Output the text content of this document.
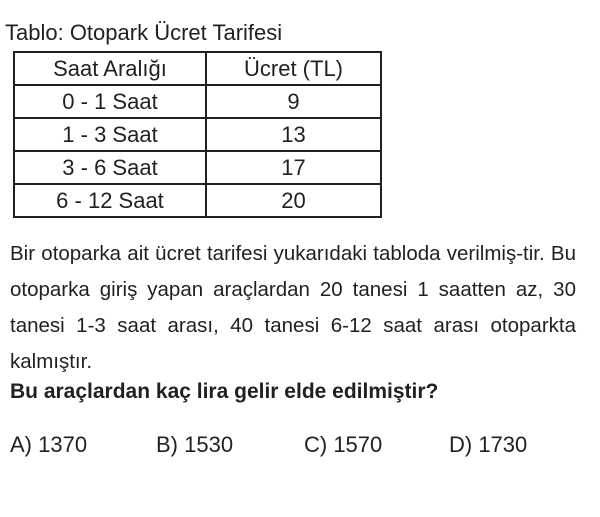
Tablo: Otopark Ücret Tarifesi
Saat Aralığı	Ücret (TL)
0 - 1 Saat	9
1 - 3 Saat	13
3 - 6 Saat	17
6 - 12 Saat	20
Bir otoparka ait ücret tarifesi yukarıdaki tabloda verilmiş-tir. Bu otoparka giriş yapan araçlardan 20 tanesi 1 saatten az, 30 tanesi 1-3 saat arası, 40 tanesi 6-12 saat arası otoparkta kalmıştır.
Bu araçlardan kaç lira gelir elde edilmiştir?
A) 1370	B) 1530	C) 1570	D) 1730
